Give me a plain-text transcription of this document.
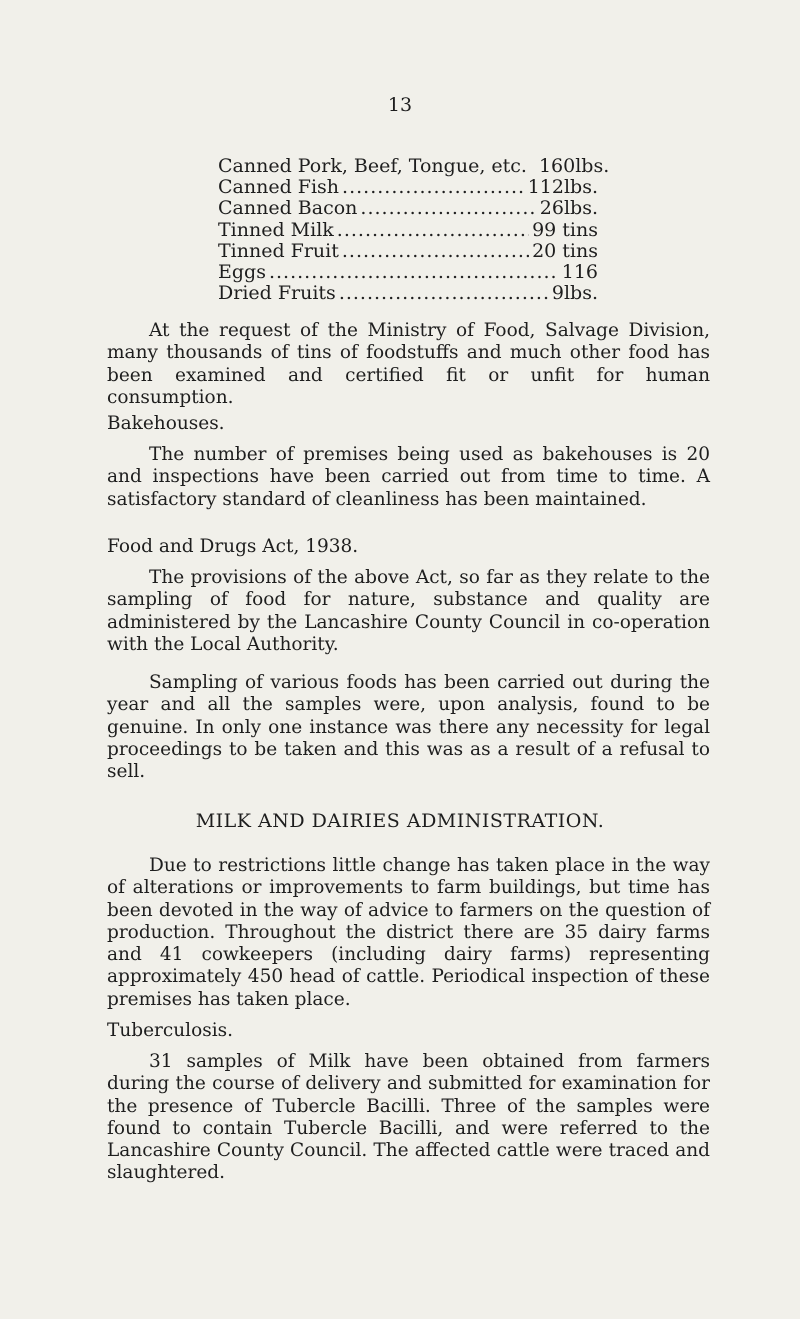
13
Canned Pork, Beef, Tongue, etc. 160lbs.
Canned Fish .....	112lbs.
Canned Bacon .....	26lbs.
Tinned Milk .....	99 tins
Tinned Fruit .....	20 tins
Eggs .....	116
Dried Fruits .....	9lbs.

At the request of the Ministry of Food, Salvage Division, many thousands of tins of foodstuffs and much other food has been examined and certified fit or unfit for human consumption.

Bakehouses.

The number of premises being used as bakehouses is 20 and inspections have been carried out from time to time. A satisfactory standard of cleanliness has been maintained.

Food and Drugs Act, 1938.

The provisions of the above Act, so far as they relate to the sampling of food for nature, substance and quality are administered by the Lancashire County Council in co-operation with the Local Authority.

Sampling of various foods has been carried out during the year and all the samples were, upon analysis, found to be genuine. In only one instance was there any necessity for legal proceedings to be taken and this was as a result of a refusal to sell.

MILK AND DAIRIES ADMINISTRATION.

Due to restrictions little change has taken place in the way of alterations or improvements to farm buildings, but time has been devoted in the way of advice to farmers on the question of production. Throughout the district there are 35 dairy farms and 41 cowkeepers (including dairy farms) representing approximately 450 head of cattle. Periodical inspection of these premises has taken place.

Tuberculosis.

31 samples of Milk have been obtained from farmers during the course of delivery and submitted for examination for the presence of Tubercle Bacilli. Three of the samples were found to contain Tubercle Bacilli, and were referred to the Lancashire County Council. The affected cattle were traced and slaughtered.
